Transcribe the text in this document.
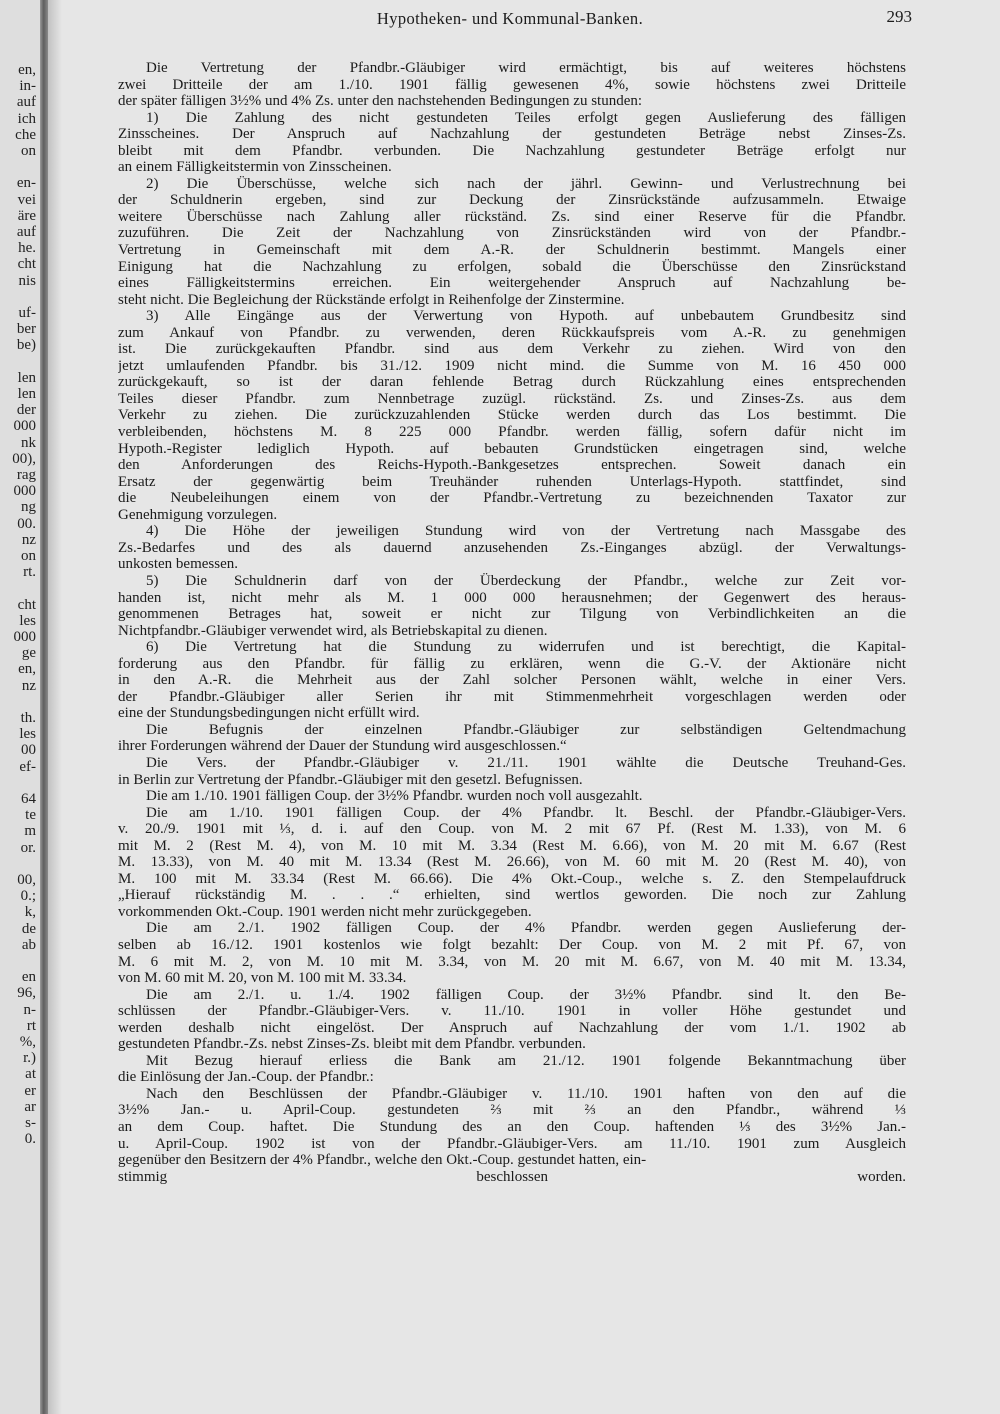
en,
in-
auf
ich
che
on
en-
vei
äre
auf
he.
cht
nis
uf-
ber
be)
len
len
der
000
nk
00),
rag
000
ng
00.
nz
on
rt.
cht
les
000
ge
en,
nz
th.
les
00
ef-
64
te
m
or.
00,
0.;
k,
de
ab
en
96,
n-
rt
%,
r.)
at
er
ar
s-
0.
Hypotheken- und Kommunal-Banken.	293
Die Vertretung der Pfandbr.-Gläubiger wird ermächtigt, bis auf weiteres höchstens
zwei Dritteile der am 1./10. 1901 fällig gewesenen 4%, sowie höchstens zwei Dritteile
der später fälligen 3½% und 4% Zs. unter den nachstehenden Bedingungen zu stunden:
1) Die Zahlung des nicht gestundeten Teiles erfolgt gegen Auslieferung des fälligen
Zinsscheines. Der Anspruch auf Nachzahlung der gestundeten Beträge nebst Zinses-Zs.
bleibt mit dem Pfandbr. verbunden. Die Nachzahlung gestundeter Beträge erfolgt nur
an einem Fälligkeitstermin von Zinsscheinen.
2) Die Überschüsse, welche sich nach der jährl. Gewinn- und Verlustrechnung bei
der Schuldnerin ergeben, sind zur Deckung der Zinsrückstände aufzusammeln. Etwaige
weitere Überschüsse nach Zahlung aller rückständ. Zs. sind einer Reserve für die Pfandbr.
zuzuführen. Die Zeit der Nachzahlung von Zinsrückständen wird von der Pfandbr.-
Vertretung in Gemeinschaft mit dem A.-R. der Schuldnerin bestimmt. Mangels einer
Einigung hat die Nachzahlung zu erfolgen, sobald die Überschüsse den Zinsrückstand
eines Fälligkeitstermins erreichen. Ein weitergehender Anspruch auf Nachzahlung be-
steht nicht. Die Begleichung der Rückstände erfolgt in Reihenfolge der Zinstermine.
3) Alle Eingänge aus der Verwertung von Hypoth. auf unbebautem Grundbesitz sind
zum Ankauf von Pfandbr. zu verwenden, deren Rückkaufspreis vom A.-R. zu genehmigen
ist. Die zurückgekauften Pfandbr. sind aus dem Verkehr zu ziehen. Wird von den
jetzt umlaufenden Pfandbr. bis 31./12. 1909 nicht mind. die Summe von M. 16 450 000
zurückgekauft, so ist der daran fehlende Betrag durch Rückzahlung eines entsprechenden
Teiles dieser Pfandbr. zum Nennbetrage zuzügl. rückständ. Zs. und Zinses-Zs. aus dem
Verkehr zu ziehen. Die zurückzuzahlenden Stücke werden durch das Los bestimmt. Die
verbleibenden, höchstens M. 8 225 000 Pfandbr. werden fällig, sofern dafür nicht im
Hypoth.-Register lediglich Hypoth. auf bebauten Grundstücken eingetragen sind, welche
den Anforderungen des Reichs-Hypoth.-Bankgesetzes entsprechen. Soweit danach ein
Ersatz der gegenwärtig beim Treuhänder ruhenden Unterlags-Hypoth. stattfindet, sind
die Neubeleihungen einem von der Pfandbr.-Vertretung zu bezeichnenden Taxator zur
Genehmigung vorzulegen.
4) Die Höhe der jeweiligen Stundung wird von der Vertretung nach Massgabe des
Zs.-Bedarfes und des als dauernd anzusehenden Zs.-Einganges abzügl. der Verwaltungs-
unkosten bemessen.
5) Die Schuldnerin darf von der Überdeckung der Pfandbr., welche zur Zeit vor-
handen ist, nicht mehr als M. 1 000 000 herausnehmen; der Gegenwert des heraus-
genommenen Betrages hat, soweit er nicht zur Tilgung von Verbindlichkeiten an die
Nichtpfandbr.-Gläubiger verwendet wird, als Betriebskapital zu dienen.
6) Die Vertretung hat die Stundung zu widerrufen und ist berechtigt, die Kapital-
forderung aus den Pfandbr. für fällig zu erklären, wenn die G.-V. der Aktionäre nicht
in den A.-R. die Mehrheit aus der Zahl solcher Personen wählt, welche in einer Vers.
der Pfandbr.-Gläubiger aller Serien ihr mit Stimmenmehrheit vorgeschlagen werden oder
eine der Stundungsbedingungen nicht erfüllt wird.
Die Befugnis der einzelnen Pfandbr.-Gläubiger zur selbständigen Geltendmachung
ihrer Forderungen während der Dauer der Stundung wird ausgeschlossen.“
Die Vers. der Pfandbr.-Gläubiger v. 21./11. 1901 wählte die Deutsche Treuhand-Ges.
in Berlin zur Vertretung der Pfandbr.-Gläubiger mit den gesetzl. Befugnissen.
Die am 1./10. 1901 fälligen Coup. der 3½% Pfandbr. wurden noch voll ausgezahlt.
Die am 1./10. 1901 fälligen Coup. der 4% Pfandbr. lt. Beschl. der Pfandbr.-Gläubiger-Vers.
v. 20./9. 1901 mit ⅓, d. i. auf den Coup. von M. 2 mit 67 Pf. (Rest M. 1.33), von M. 6
mit M. 2 (Rest M. 4), von M. 10 mit M. 3.34 (Rest M. 6.66), von M. 20 mit M. 6.67 (Rest
M. 13.33), von M. 40 mit M. 13.34 (Rest M. 26.66), von M. 60 mit M. 20 (Rest M. 40), von
M. 100 mit M. 33.34 (Rest M. 66.66). Die 4% Okt.-Coup., welche s. Z. den Stempelaufdruck
„Hierauf rückständig M. . . .“ erhielten, sind wertlos geworden. Die noch zur Zahlung
vorkommenden Okt.-Coup. 1901 werden nicht mehr zurückgegeben.
Die am 2./1. 1902 fälligen Coup. der 4% Pfandbr. werden gegen Auslieferung der-
selben ab 16./12. 1901 kostenlos wie folgt bezahlt: Der Coup. von M. 2 mit Pf. 67, von
M. 6 mit M. 2, von M. 10 mit M. 3.34, von M. 20 mit M. 6.67, von M. 40 mit M. 13.34,
von M. 60 mit M. 20, von M. 100 mit M. 33.34.
Die am 2./1. u. 1./4. 1902 fälligen Coup. der 3½% Pfandbr. sind lt. den Be-
schlüssen der Pfandbr.-Gläubiger-Vers. v. 11./10. 1901 in voller Höhe gestundet und
werden deshalb nicht eingelöst. Der Anspruch auf Nachzahlung der vom 1./1. 1902 ab
gestundeten Pfandbr.-Zs. nebst Zinses-Zs. bleibt mit dem Pfandbr. verbunden.
Mit Bezug hierauf erliess die Bank am 21./12. 1901 folgende Bekanntmachung über
die Einlösung der Jan.-Coup. der Pfandbr.:
Nach den Beschlüssen der Pfandbr.-Gläubiger v. 11./10. 1901 haften von den auf die
3½% Jan.- u. April-Coup. gestundeten ⅔ mit ⅔ an den Pfandbr., während ⅓
an dem Coup. haftet. Die Stundung des an den Coup. haftenden ⅓ des 3½% Jan.-
u. April-Coup. 1902 ist von der Pfandbr.-Gläubiger-Vers. am 11./10. 1901 zum Ausgleich
gegenüber den Besitzern der 4% Pfandbr., welche den Okt.-Coup. gestundet hatten, ein-
stimmig beschlossen worden.
